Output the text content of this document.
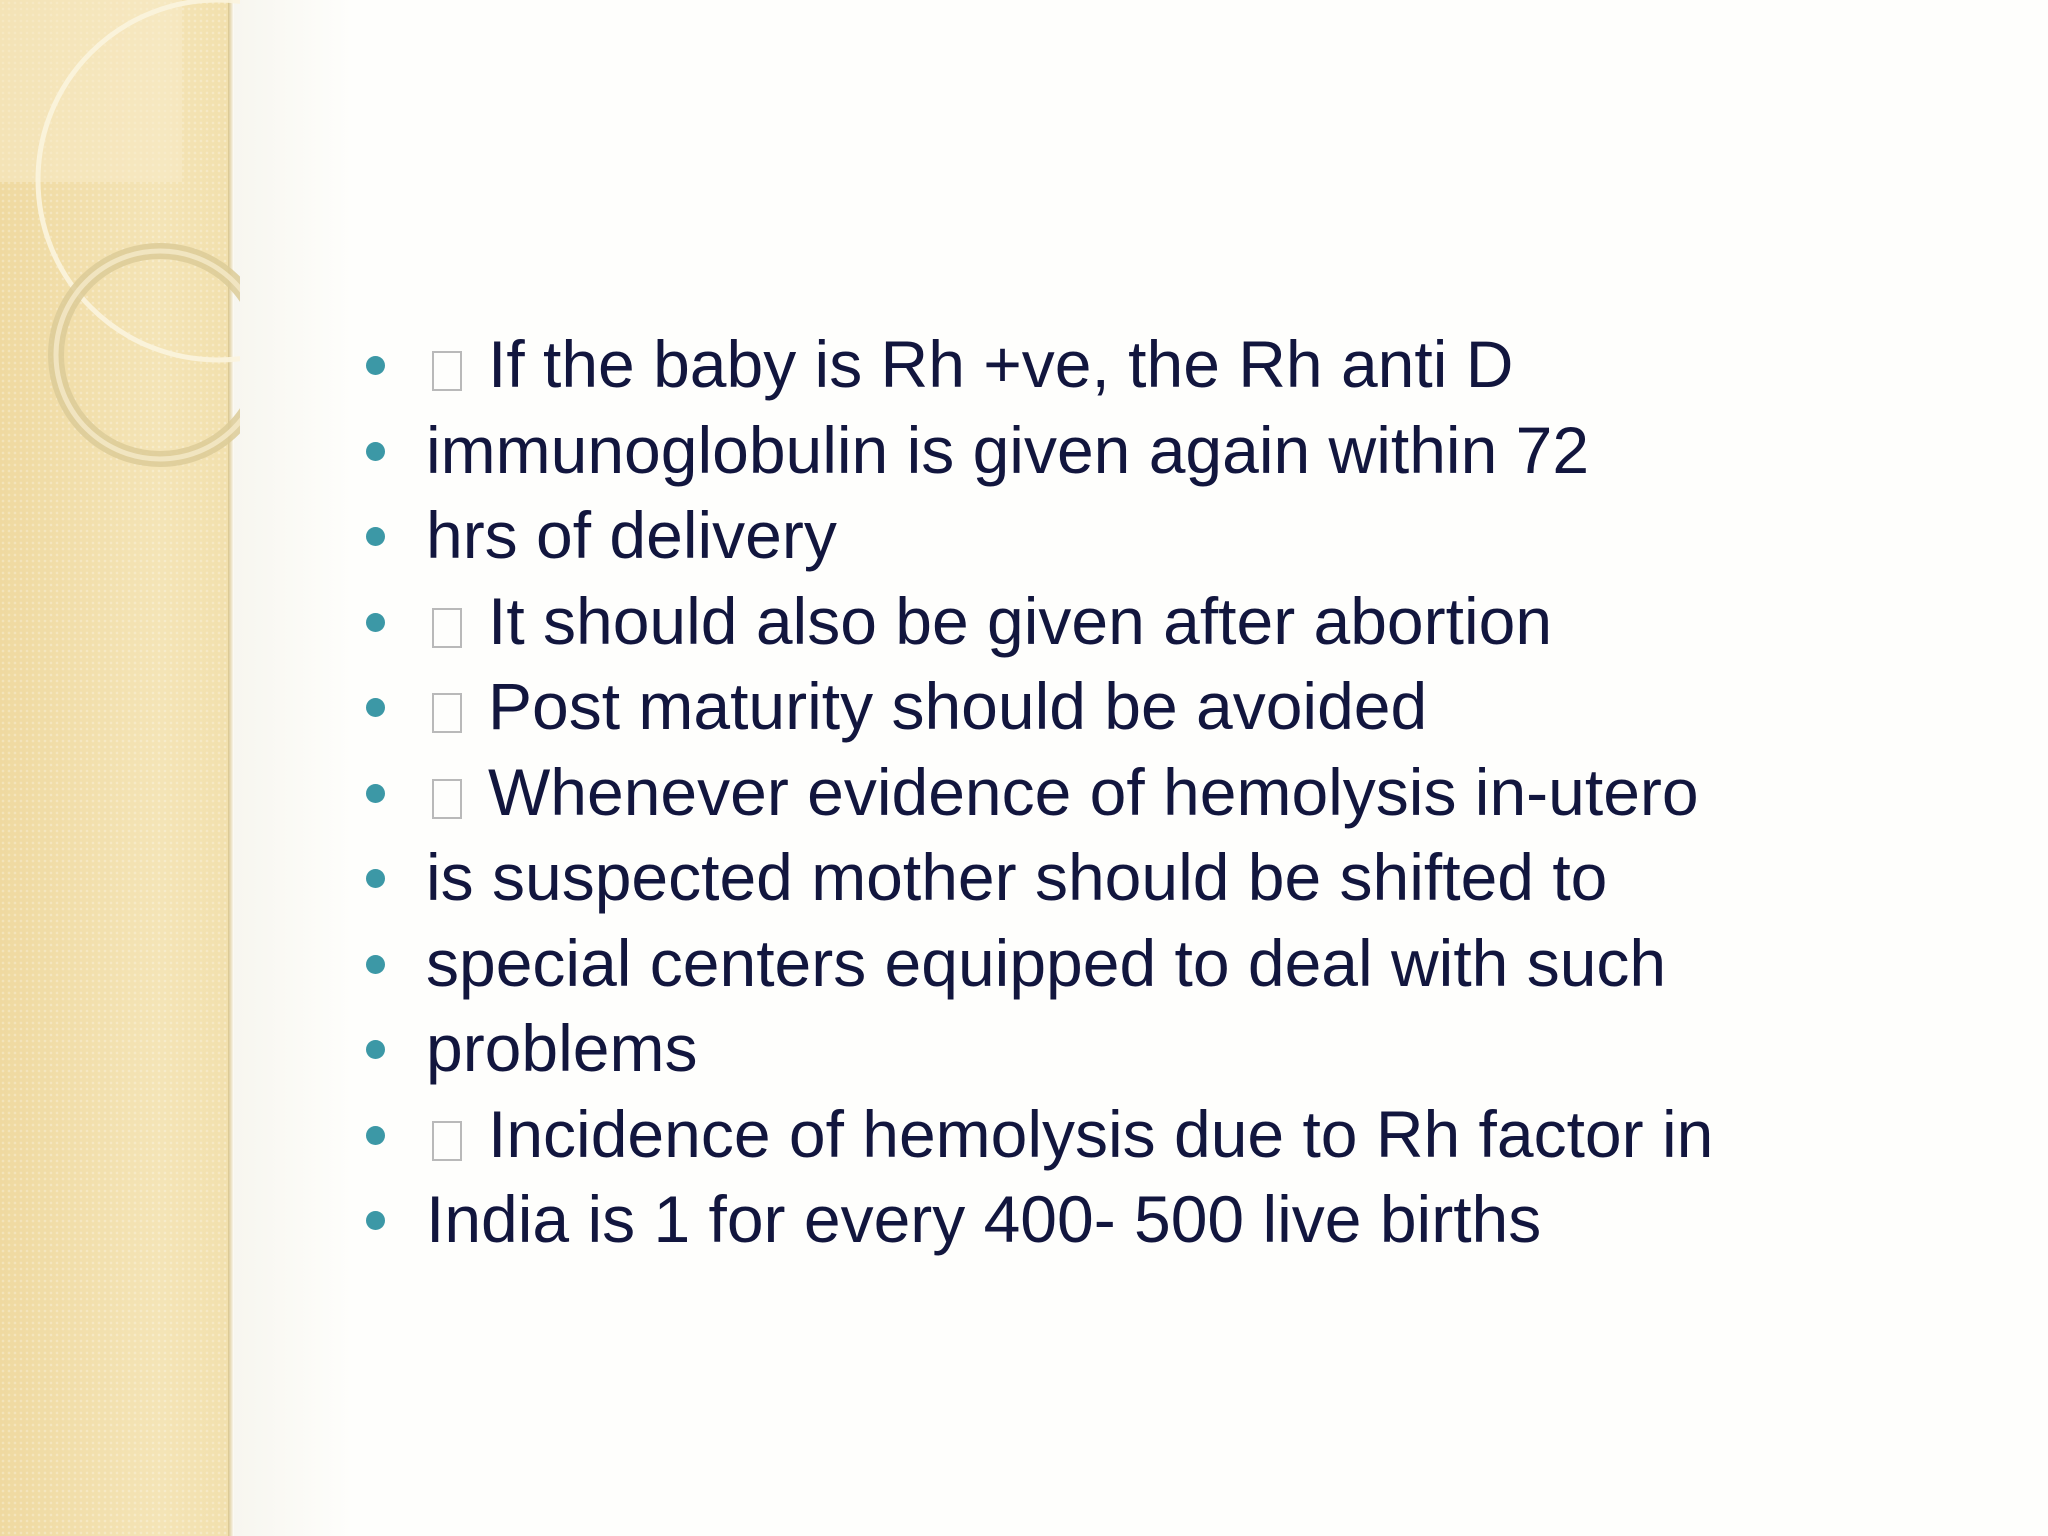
If the baby is Rh +ve, the Rh anti D
immunoglobulin is given again within 72
hrs of delivery
It should also be given after abortion
Post maturity should be avoided
Whenever evidence of hemolysis in-utero
is suspected mother should be shifted to
special centers equipped to deal with such
problems
Incidence of hemolysis due to Rh factor in
India is 1 for every 400- 500 live births
